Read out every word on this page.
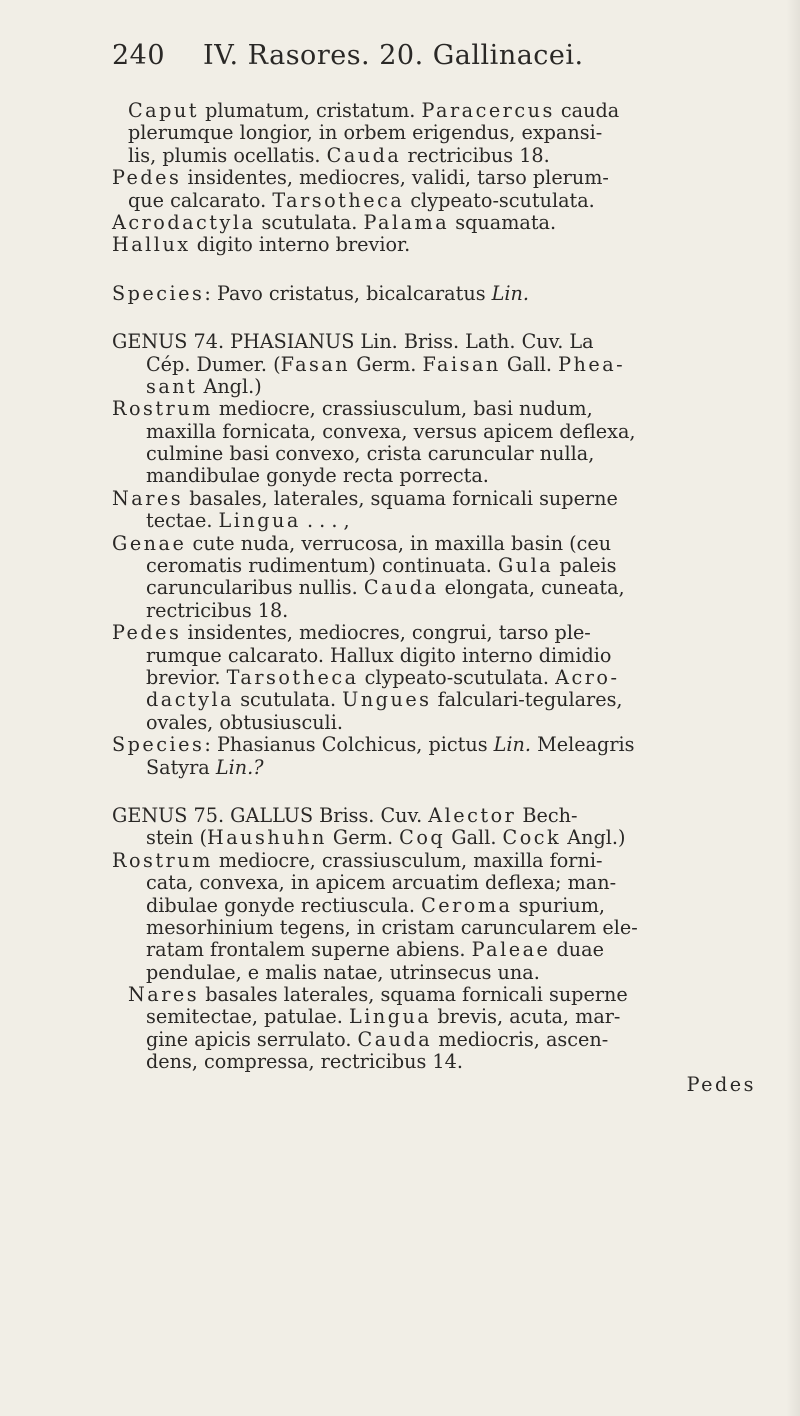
240 IV. Rasores. 20. Gallinacei.
Caput plumatum, cristatum. Paracercus cauda
plerumque longior, in orbem erigendus, expansi-
lis, plumis ocellatis. Cauda rectricibus 18.
Pedes insidentes, mediocres, validi, tarso plerum-
que calcarato. Tarsotheca clypeato-scutulata.
Acrodactyla scutulata. Palama squamata.
Hallux digito interno brevior.
Species: Pavo cristatus, bicalcaratus Lin.
GENUS 74. PHASIANUS Lin. Briss. Lath. Cuv. La
Cép. Dumer. (Fasan Germ. Faisan Gall. Phea-
sant Angl.)
Rostrum mediocre, crassiusculum, basi nudum,
maxilla fornicata, convexa, versus apicem deflexa,
culmine basi convexo, crista caruncular nulla,
mandibulae gonyde recta porrecta.
Nares basales, laterales, squama fornicali superne
tectae. Lingua . . . ,
Genae cute nuda, verrucosa, in maxilla basin (ceu
ceromatis rudimentum) continuata. Gula paleis
caruncularibus nullis. Cauda elongata, cuneata,
rectricibus 18.
Pedes insidentes, mediocres, congrui, tarso ple-
rumque calcarato. Hallux digito interno dimidio
brevior. Tarsotheca clypeato-scutulata. Acro-
dactyla scutulata. Ungues falculari-tegulares,
ovales, obtusiusculi.
Species: Phasianus Colchicus, pictus Lin. Meleagris
Satyra Lin.?
GENUS 75. GALLUS Briss. Cuv. Alector Bech-
stein (Haushuhn Germ. Coq Gall. Cock Angl.)
Rostrum mediocre, crassiusculum, maxilla forni-
cata, convexa, in apicem arcuatim deflexa; man-
dibulae gonyde rectiuscula. Ceroma spurium,
mesorhinium tegens, in cristam caruncularem ele-
ratam frontalem superne abiens. Paleae duae
pendulae, e malis natae, utrinsecus una.
Nares basales laterales, squama fornicali superne
semitectae, patulae. Lingua brevis, acuta, mar-
gine apicis serrulato. Cauda mediocris, ascen-
dens, compressa, rectricibus 14.
Pedes
